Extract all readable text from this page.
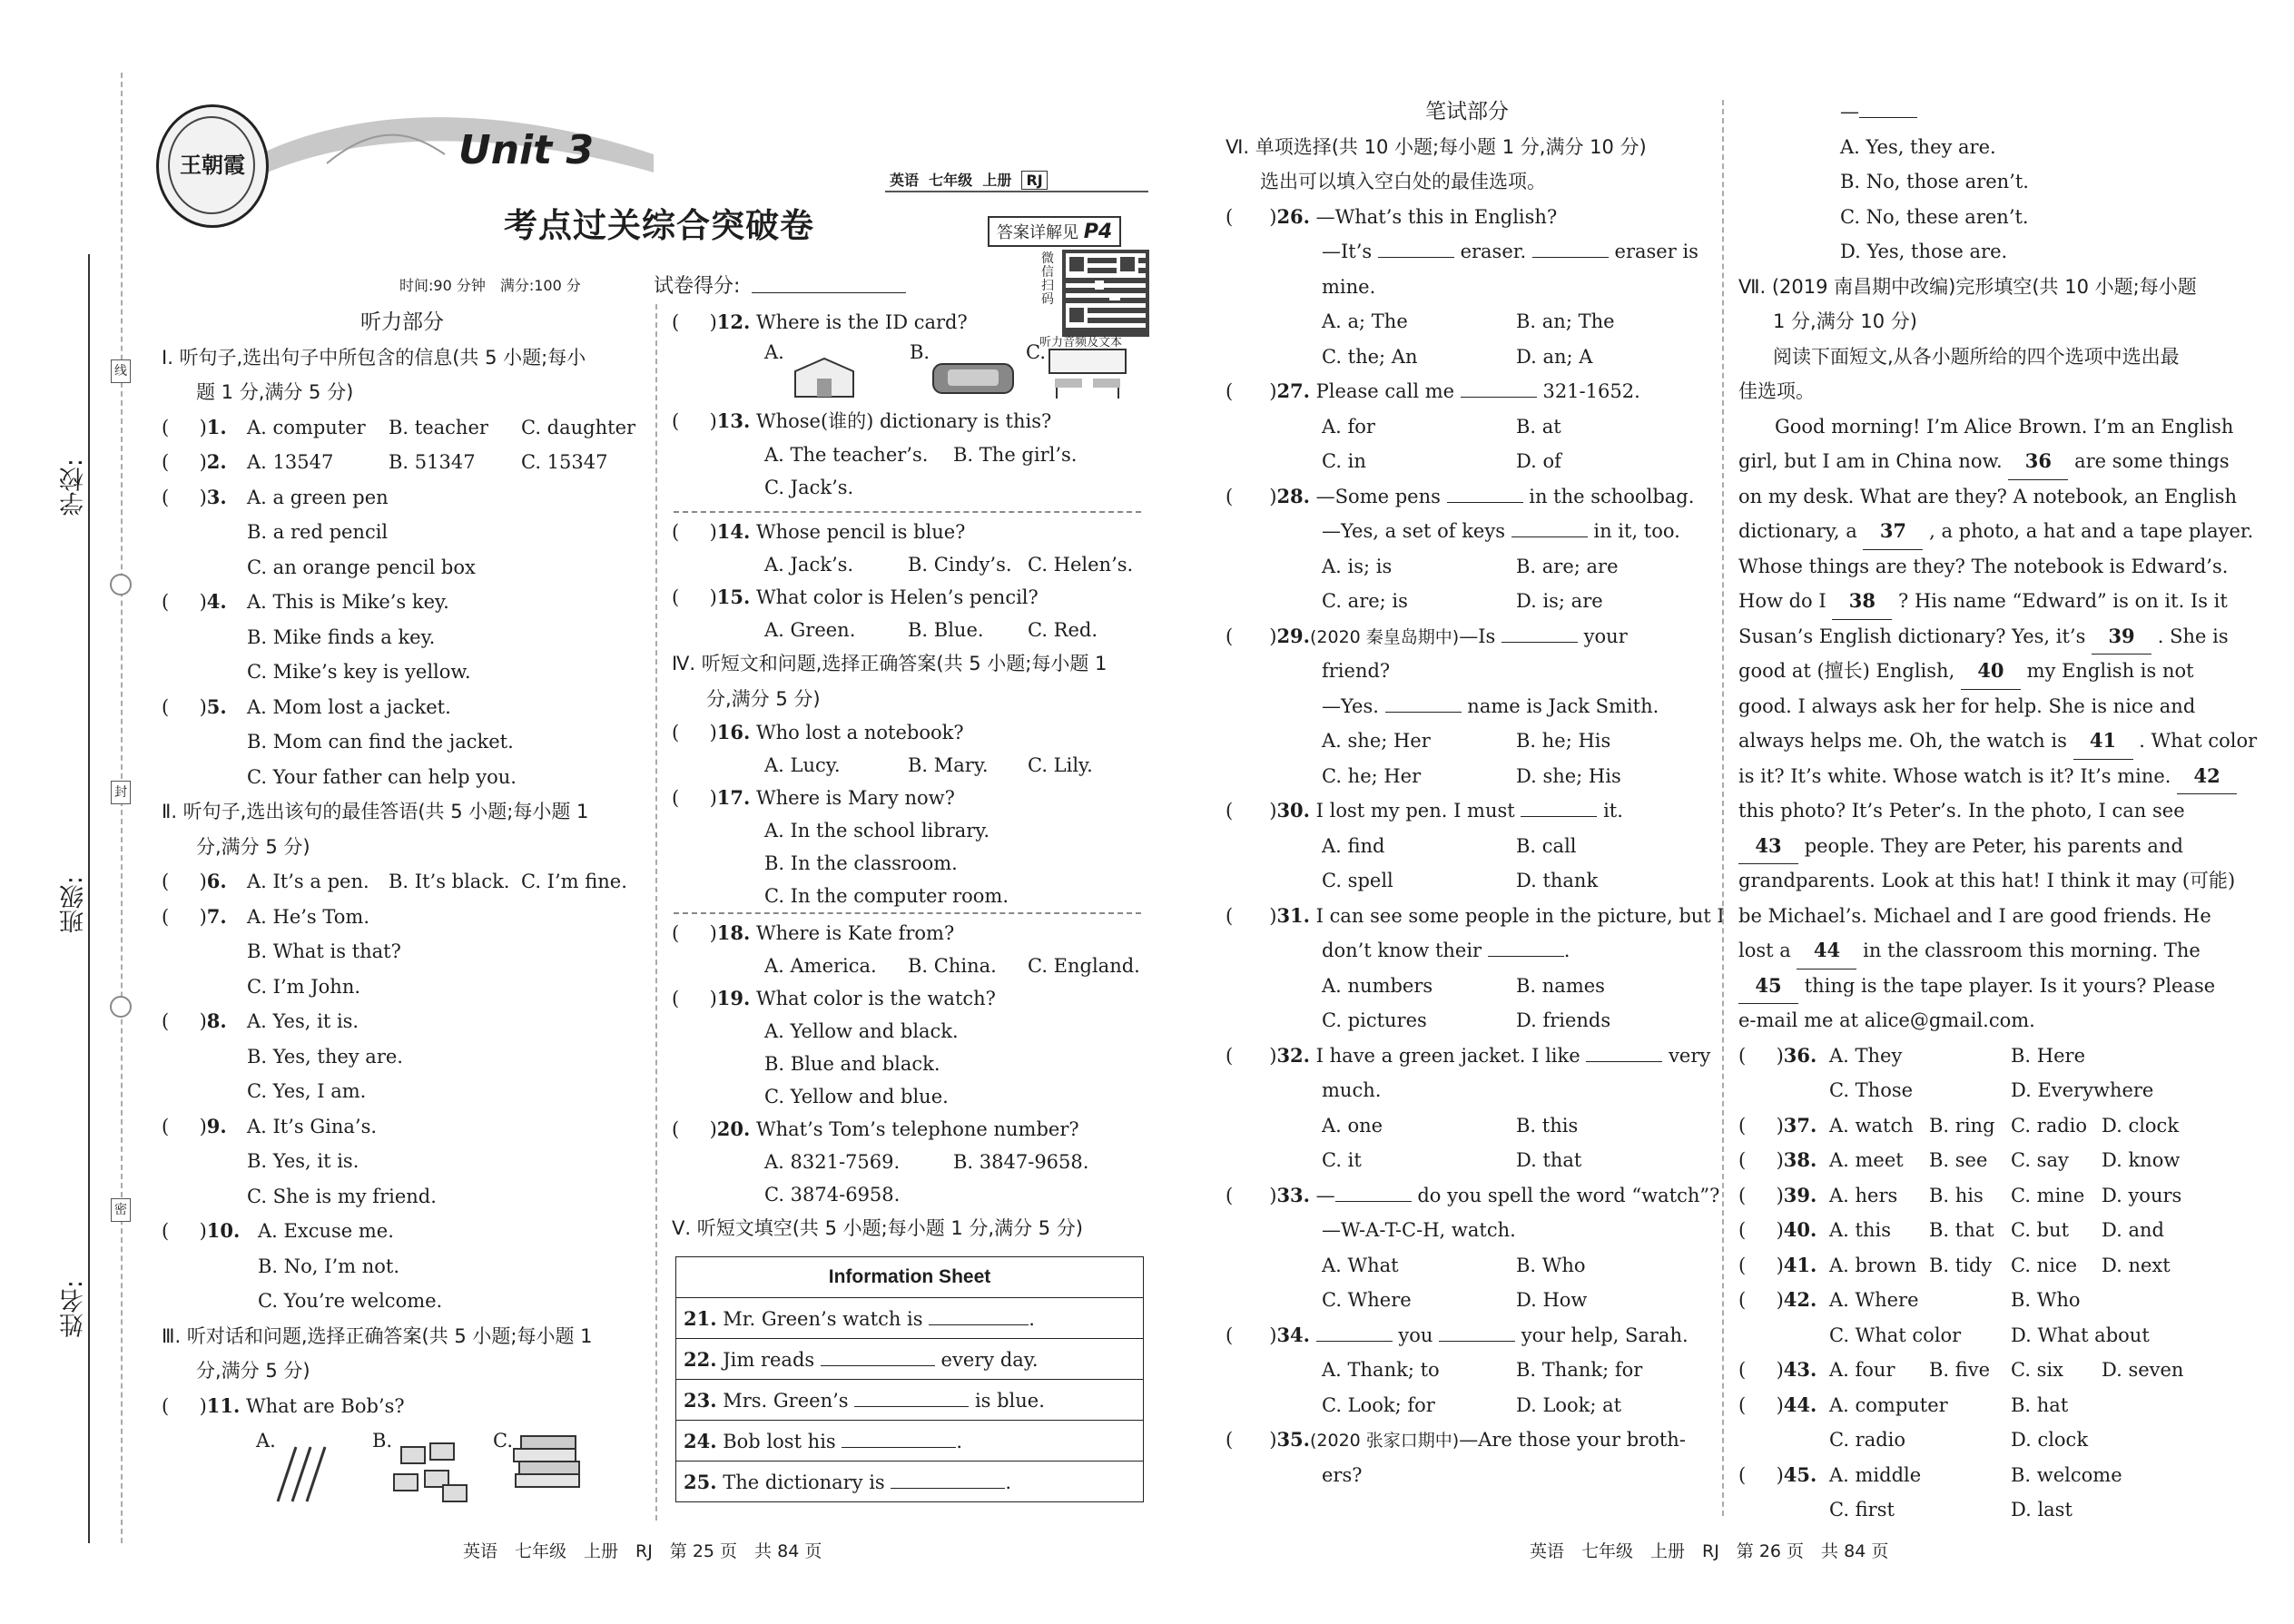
学校:
班级:
姓名:
线
封
密
王朝霞	Unit 3
考点过关综合突破卷
英语 七年级 上册 RJ
答案详解见 P4
微信扫码
听力音频及文本
时间:90 分钟　满分:100 分	试卷得分:
听力部分
Ⅰ. 听句子,选出句子中所包含的信息(共 5 小题;每小
题 1 分,满分 5 分)
(     )1. A. computer B. teacher C. daughter
(     )2. A. 13547	B. 51347 C. 15347
(     )3. A. a green pen
B. a red pencil
C. an orange pencil box
(     )4. A. This is Mike’s key.
B. Mike finds a key.
C. Mike’s key is yellow.
(     )5. A. Mom lost a jacket.
B. Mom can find the jacket.
C. Your father can help you.
Ⅱ. 听句子,选出该句的最佳答语(共 5 小题;每小题 1
分,满分 5 分)
(     )6. A. It’s a pen. B. It’s black. C. I’m fine.
(     )7. A. He’s Tom.
B. What is that?
C. I’m John.
(     )8. A. Yes, it is.
B. Yes, they are.
C. Yes, I am.
(     )9. A. It’s Gina’s.
B. Yes, it is.
C. She is my friend.
(     )10. A. Excuse me.
B. No, I’m not.
C. You’re welcome.
Ⅲ. 听对话和问题,选择正确答案(共 5 小题;每小题 1
分,满分 5 分)
(     )11. What are Bob’s?
A.	B.	C.
(     )12. Where is the ID card?
A.	B.	C.
(     )13. Whose(谁的) dictionary is this?
A. The teacher’s. B. The girl’s.
C. Jack’s.
(     )14. Whose pencil is blue?
A. Jack’s.	B. Cindy’s. C. Helen’s.
(     )15. What color is Helen’s pencil?
A. Green.	B. Blue. C. Red.
Ⅳ. 听短文和问题,选择正确答案(共 5 小题;每小题 1
分,满分 5 分)
(     )16. Who lost a notebook?
A. Lucy.	B. Mary. C. Lily.
(     )17. Where is Mary now?
A. In the school library.
B. In the classroom.
C. In the computer room.
(     )18. Where is Kate from?
A. America. B. China. C. England.
(     )19. What color is the watch?
A. Yellow and black.
B. Blue and black.
C. Yellow and blue.
(     )20. What’s Tom’s telephone number?
A. 8321-7569.	B. 3847-9658.
C. 3874-6958.
Ⅴ. 听短文填空(共 5 小题;每小题 1 分,满分 5 分)
Information Sheet
21. Mr. Green’s watch is	.
22. Jim reads	every day.
23. Mrs. Green’s	is blue.
24. Bob lost his	.
25. The dictionary is	.
笔试部分
Ⅵ. 单项选择(共 10 小题;每小题 1 分,满分 10 分)
选出可以填入空白处的最佳选项。
(      )26. —What’s this in English?
—It’s	eraser.	eraser is
mine.
A. a; The	B. an; The
C. the; An	D. an; A
(      )27. Please call me	321-1652.
A. for	B. at
C. in	D. of
(      )28. —Some pens	in the schoolbag.
—Yes, a set of keys	in it, too.
A. is; is	B. are; are
C. are; is	D. is; are
(      )29.(2020 秦皇岛期中)—Is	your
friend?
—Yes.	name is Jack Smith.
A. she; Her	B. he; His
C. he; Her	D. she; His
(      )30. I lost my pen. I must	it.
A. find	B. call
C. spell	D. thank
(      )31. I can see some people in the picture, but I
don’t know their	.
A. numbers	B. names
C. pictures	D. friends
(      )32. I have a green jacket. I like	very
much.
A. one	B. this
C. it	D. that
(      )33. —	do you spell the word “watch”?
—W-A-T-C-H, watch.
A. What	B. Who
C. Where	D. How
(      )34.	you	your help, Sarah.
A. Thank; to	B. Thank; for
C. Look; for	D. Look; at
(      )35.(2020 张家口期中)—Are those your broth-
ers?
—
A. Yes, they are.
B. No, those aren’t.
C. No, these aren’t.
D. Yes, those are.
Ⅶ. (2019 南昌期中改编)完形填空(共 10 小题;每小题
1 分,满分 10 分)
阅读下面短文,从各小题所给的四个选项中选出最
佳选项。
Good morning! I’m Alice Brown. I’m an English
girl, but I am in China now. 36 are some things
on my desk. What are they? A notebook, an English
dictionary, a 37 , a photo, a hat and a tape player.
Whose things are they? The notebook is Edward’s.
How do I 38 ? His name “Edward” is on it. Is it
Susan’s English dictionary? Yes, it’s 39 . She is
good at (擅长) English, 40 my English is not
good. I always ask her for help. She is nice and
always helps me. Oh, the watch is 41 . What color
is it? It’s white. Whose watch is it? It’s mine. 42
this photo? It’s Peter’s. In the photo, I can see
43 people. They are Peter, his parents and
grandparents. Look at this hat! I think it may (可能)
be Michael’s. Michael and I are good friends. He
lost a 44 in the classroom this morning. The
45 thing is the tape player. Is it yours? Please
e-mail me at alice@gmail.com.
(     )36. A. They	B. Here
C. Those	D. Everywhere
(     )37. A. watch B. ring C. radio D. clock
(     )38. A. meet B. see C. say D. know
(     )39. A. hers B. his C. mine D. yours
(     )40. A. this B. that C. but D. and
(     )41. A. brown B. tidy C. nice D. next
(     )42. A. Where	B. Who
C. What color	D. What about
(     )43. A. four B. five C. six D. seven
(     )44. A. computer	B. hat
C. radio	D. clock
(     )45. A. middle	B. welcome
C. first	D. last
英语　七年级　上册　RJ　第 25 页　共 84 页	英语　七年级　上册　RJ　第 26 页　共 84 页
